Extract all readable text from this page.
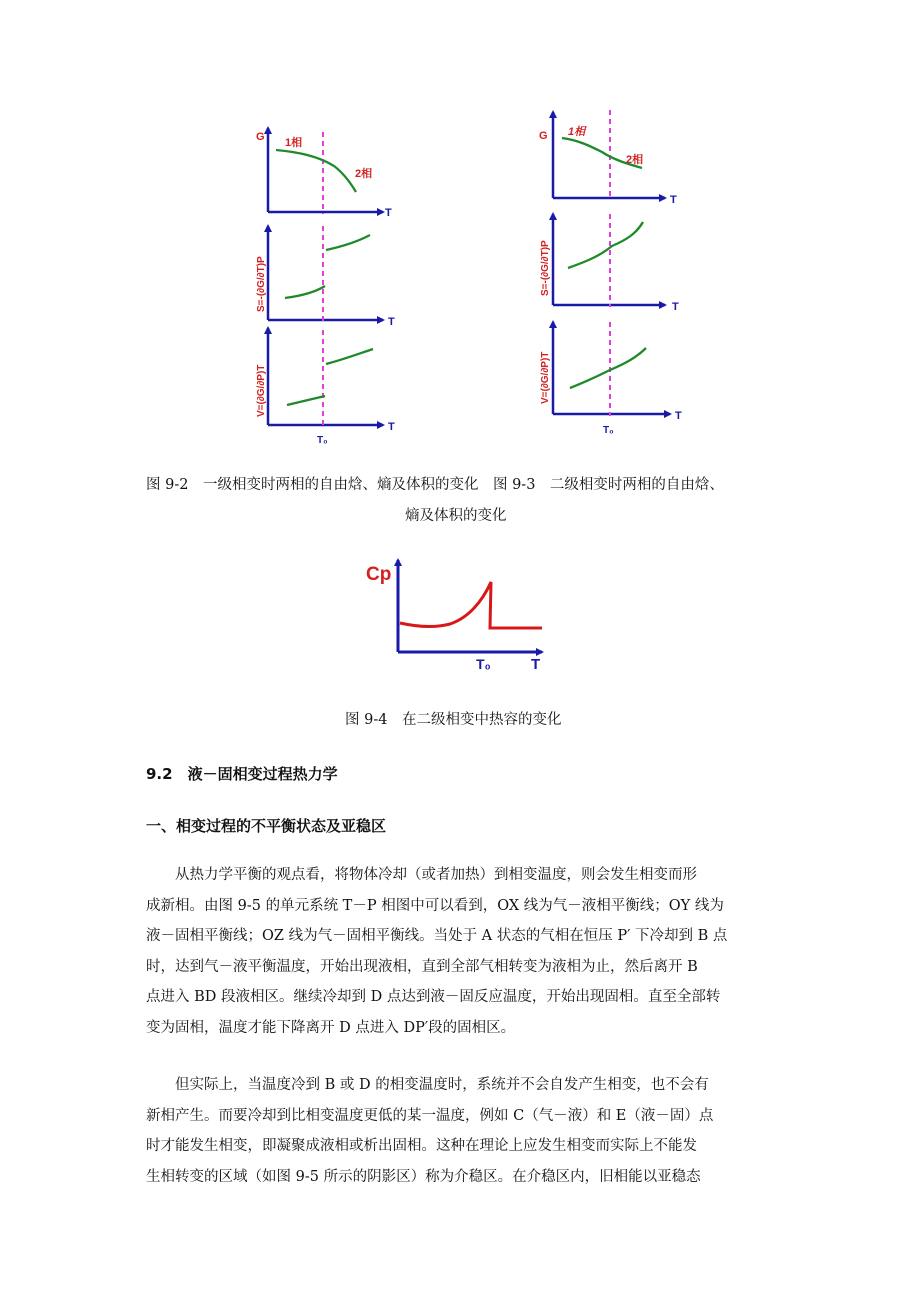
G 1相
2相
T
S=-(∂G/∂T)P
T
V=(∂G/∂P)T
T
T₀
G 1相
2相
T
S=-(∂G/∂T)P
T
V=(∂G/∂P)T
T
T₀
Cp
T₀	T
图 9-2　一级相变时两相的自由焓、熵及体积的变化　图 9-3　二级相变时两相的自由焓、
熵及体积的变化
图 9-4　在二级相变中热容的变化
9.2　液－固相变过程热力学
一、相变过程的不平衡状态及亚稳区
　　从热力学平衡的观点看，将物体冷却（或者加热）到相变温度，则会发生相变而形
成新相。由图 9-5 的单元系统 T－P 相图中可以看到，OX 线为气－液相平衡线；OY 线为
液－固相平衡线；OZ 线为气－固相平衡线。当处于 A 状态的气相在恒压 P′ 下冷却到 B 点
时，达到气－液平衡温度，开始出现液相，直到全部气相转变为液相为止，然后离开 B
点进入 BD 段液相区。继续冷却到 D 点达到液－固反应温度，开始出现固相。直至全部转
变为固相，温度才能下降离开 D 点进入 DP′段的固相区。
　　但实际上，当温度冷到 B 或 D 的相变温度时，系统并不会自发产生相变，也不会有
新相产生。而要冷却到比相变温度更低的某一温度，例如 C（气－液）和 E（液－固）点
时才能发生相变，即凝聚成液相或析出固相。这种在理论上应发生相变而实际上不能发
生相转变的区域（如图 9-5 所示的阴影区）称为介稳区。在介稳区内，旧相能以亚稳态
